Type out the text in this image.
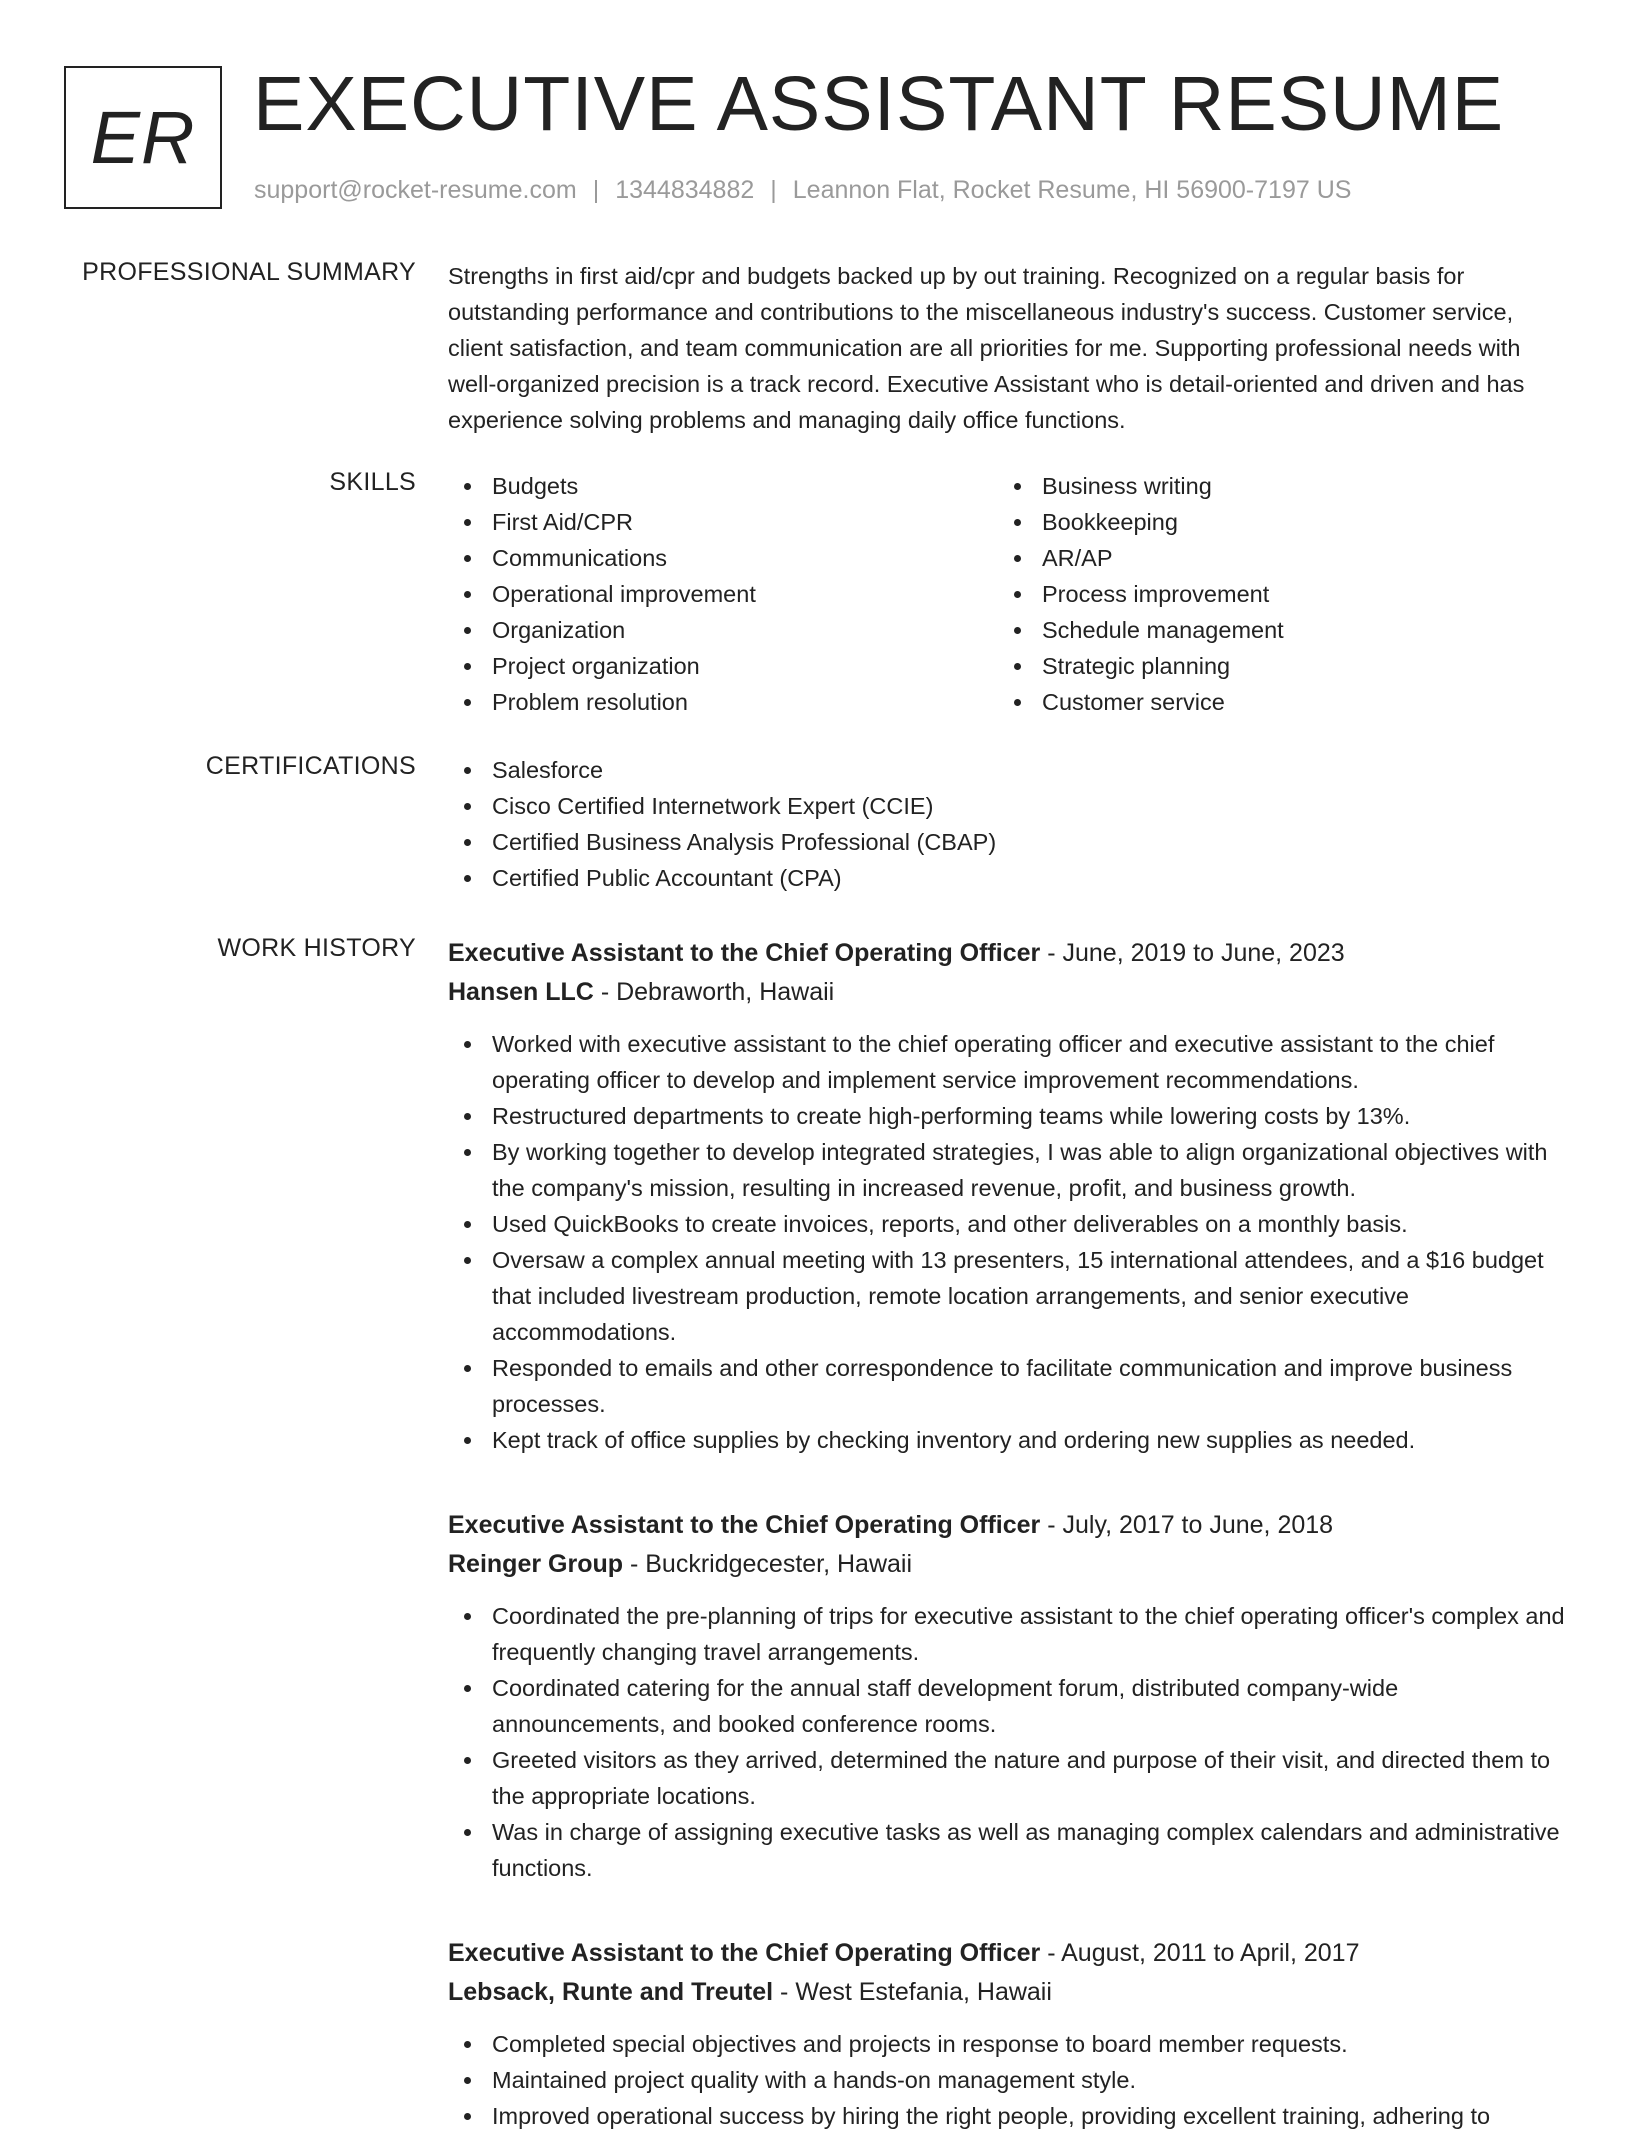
ER EXECUTIVE ASSISTANT RESUME
support@rocket-resume.com | 1344834882 | Leannon Flat, Rocket Resume, HI 56900-7197 US
PROFESSIONAL SUMMARY Strengths in first aid/cpr and budgets backed up by out training. Recognized on a regular basis for outstanding performance and contributions to the miscellaneous industry's success. Customer service, client satisfaction, and team communication are all priorities for me. Supporting professional needs with well-organized precision is a track record. Executive Assistant who is detail-oriented and driven and has experience solving problems and managing daily office functions.
SKILLS	Budgets
First Aid/CPR
Communications
Operational improvement
Organization
Project organization
Problem resolution
Business writing
Bookkeeping
AR/AP
Process improvement
Schedule management
Strategic planning
Customer service
CERTIFICATIONS	Salesforce
Cisco Certified Internetwork Expert (CCIE)
Certified Business Analysis Professional (CBAP)
Certified Public Accountant (CPA)
WORK HISTORY Executive Assistant to the Chief Operating Officer - June, 2019 to June, 2023
Hansen LLC - Debraworth, Hawaii
Worked with executive assistant to the chief operating officer and executive assistant to the chief operating officer to develop and implement service improvement recommendations.
Restructured departments to create high-performing teams while lowering costs by 13%.
By working together to develop integrated strategies, I was able to align organizational objectives with the company's mission, resulting in increased revenue, profit, and business growth.
Used QuickBooks to create invoices, reports, and other deliverables on a monthly basis.
Oversaw a complex annual meeting with 13 presenters, 15 international attendees, and a $16 budget that included livestream production, remote location arrangements, and senior executive accommodations.
Responded to emails and other correspondence to facilitate communication and improve business processes.
Kept track of office supplies by checking inventory and ordering new supplies as needed.
Executive Assistant to the Chief Operating Officer - July, 2017 to June, 2018
Reinger Group - Buckridgecester, Hawaii
Coordinated the pre-planning of trips for executive assistant to the chief operating officer's complex and frequently changing travel arrangements.
Coordinated catering for the annual staff development forum, distributed company-wide announcements, and booked conference rooms.
Greeted visitors as they arrived, determined the nature and purpose of their visit, and directed them to the appropriate locations.
Was in charge of assigning executive tasks as well as managing complex calendars and administrative functions.
Executive Assistant to the Chief Operating Officer - August, 2011 to April, 2017
Lebsack, Runte and Treutel - West Estefania, Hawaii
Completed special objectives and projects in response to board member requests.
Maintained project quality with a hands-on management style.
Improved operational success by hiring the right people, providing excellent training, adhering to
